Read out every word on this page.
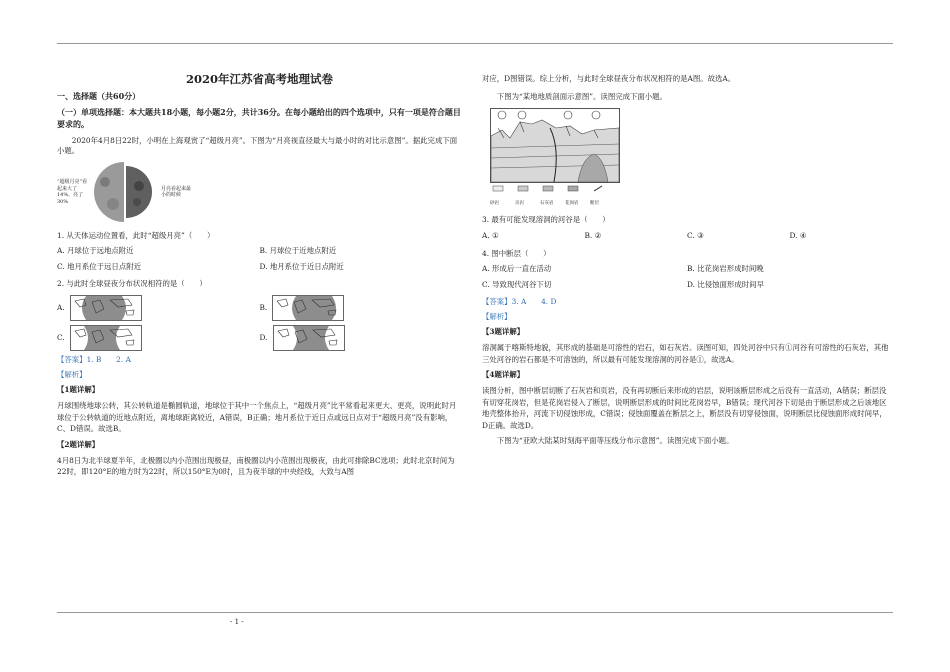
2020年江苏省高考地理试卷

一、选择题（共60分）

（一）单项选择题：本大题共18小题，每小题2分，共计36分。在每小题给出的四个选项中，只有一项是符合题目要求的。

2020年4月8日22时，小明在上海观赏了“超级月亮”。下图为“月亮视直径最大与最小时的对比示意图”。据此完成下面小题。

“超级月亮”看起来大了14%，亮了30%
月亮看起来最小的时候

1. 从天体运动位置看，此时“超级月亮”（　　）

A. 月球位于远地点附近	B. 月球位于近地点附近
C. 地月系位于远日点附近	D. 地月系位于近日点附近

2. 与此时全球昼夜分布状况相符的是（　　）

A.	B.
C.	D.

【答案】1. B　　2. A

【解析】

【1题详解】

月球围绕地球公转，其公转轨道是椭圆轨道，地球位于其中一个焦点上，“超级月亮”比平常看起来更大、更亮，说明此时月球位于公转轨道的近地点附近，离地球距离较近，A错误，B正确；地月系位于近日点或远日点对于“超级月亮”没有影响，C、D错误。故选B。

【2题详解】

4月8日为北半球夏半年，北极圈以内小范围出现极昼，南极圈以内小范围出现极夜，由此可排除BC选项；此时北京时间为22时，即120°E的地方时为22时，所以150°E为0时，且为夜半球的中央经线，大致与A图

对应，D图错误。综上分析，与此时全球昼夜分布状况相符的是A图。故选A。

下图为“某地地质剖面示意图”。读图完成下面小题。

砂岩	页岩	石灰岩	花岗岩	断层

3. 最有可能发现溶洞的河谷是（　　）

A. ①	B. ②	C. ③	D. ④

4. 图中断层（　　）

A. 形成后一直在活动	B. 比花岗岩形成时间晚
C. 导致现代河谷下切	D. 比侵蚀面形成时间早

【答案】3. A　　4. D

【解析】

【3题详解】

溶洞属于喀斯特地貌，其形成的基础是可溶性的岩石，如石灰岩。读图可知，四处河谷中只有①河谷有可溶性的石灰岩，其他三处河谷的岩石都是不可溶蚀的，所以最有可能发现溶洞的河谷是①，故选A。

【4题详解】

读图分析，图中断层切断了石灰岩和页岩，没有再切断后来形成的岩层，说明该断层形成之后没有一直活动，A错误；断层没有切穿花岗岩，但是花岗岩侵入了断层，说明断层形成的时间比花岗岩早，B错误；现代河谷下切是由于断层形成之后该地区地壳整体抬升，河流下切侵蚀形成，C错误；侵蚀面覆盖在断层之上，断层没有切穿侵蚀面，说明断层比侵蚀面形成时间早，D正确。故选D。

下图为“亚欧大陆某时刻海平面等压线分布示意图”。读图完成下面小题。

- 1 -
